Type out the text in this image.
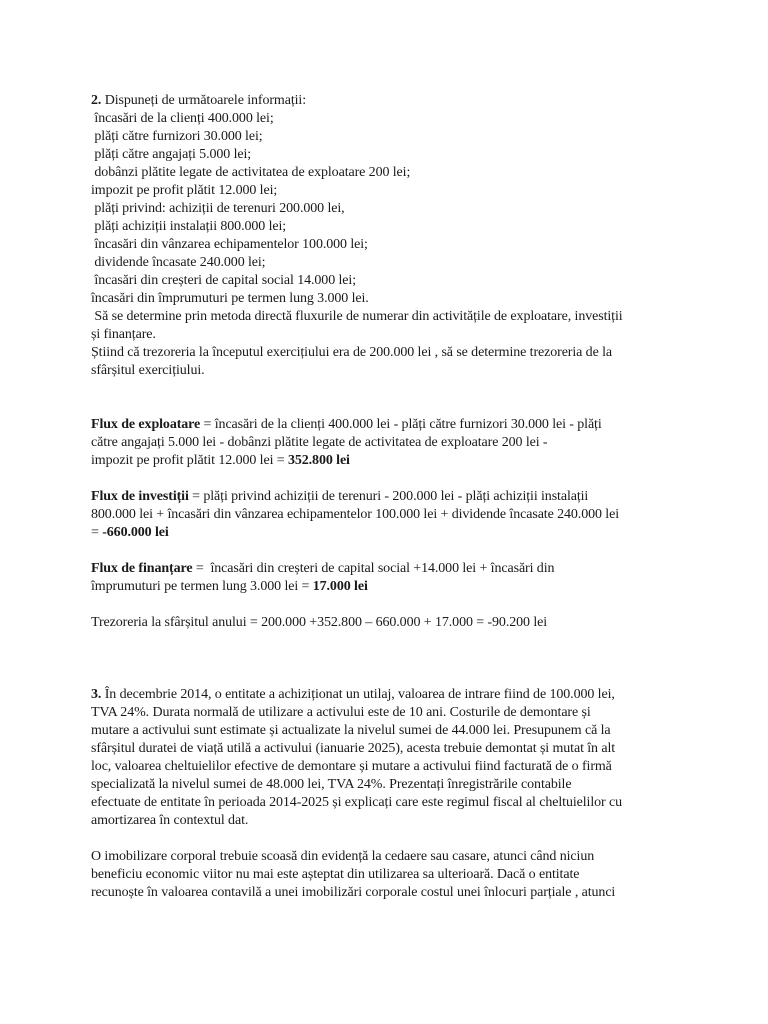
2. Dispuneți de următoarele informații:
încasări de la clienți 400.000 lei;
plăți către furnizori 30.000 lei;
plăți către angajați 5.000 lei;
dobânzi plătite legate de activitatea de exploatare 200 lei;
impozit pe profit plătit 12.000 lei;
plăți privind: achiziții de terenuri 200.000 lei,
plăți achiziții instalații 800.000 lei;
încasări din vânzarea echipamentelor 100.000 lei;
dividende încasate 240.000 lei;
încasări din creșteri de capital social 14.000 lei;
încasări din împrumuturi pe termen lung 3.000 lei.
Să se determine prin metoda directă fluxurile de numerar din activitățile de exploatare, investiții
și finanțare.
Știind că trezoreria la începutul exercițiului era de 200.000 lei , să se determine trezoreria de la
sfârșitul exercițiului.
Flux de exploatare = încasări de la clienți 400.000 lei - plăți către furnizori 30.000 lei - plăți
către angajați 5.000 lei - dobânzi plătite legate de activitatea de exploatare 200 lei -
impozit pe profit plătit 12.000 lei = 352.800 lei
Flux de investiții = plăți privind achiziții de terenuri - 200.000 lei - plăți achiziții instalații
800.000 lei + încasări din vânzarea echipamentelor 100.000 lei + dividende încasate 240.000 lei
= -660.000 lei
Flux de finanțare =  încasări din creșteri de capital social +14.000 lei + încasări din
împrumuturi pe termen lung 3.000 lei = 17.000 lei
Trezoreria la sfârșitul anului = 200.000 +352.800 – 660.000 + 17.000 = -90.200 lei
3. În decembrie 2014, o entitate a achiziționat un utilaj, valoarea de intrare fiind de 100.000 lei,
TVA 24%. Durata normală de utilizare a activului este de 10 ani. Costurile de demontare și
mutare a activului sunt estimate și actualizate la nivelul sumei de 44.000 lei. Presupunem că la
sfârșitul duratei de viață utilă a activului (ianuarie 2025), acesta trebuie demontat și mutat în alt
loc, valoarea cheltuielilor efective de demontare și mutare a activului fiind facturată de o firmă
specializată la nivelul sumei de 48.000 lei, TVA 24%. Prezentați înregistrările contabile
efectuate de entitate în perioada 2014-2025 și explicați care este regimul fiscal al cheltuielilor cu
amortizarea în contextul dat.
O imobilizare corporal trebuie scoasă din evidență la cedaere sau casare, atunci când niciun
beneficiu economic viitor nu mai este așteptat din utilizarea sa ulterioară. Dacă o entitate
recunoște în valoarea contavilă a unei imobilizări corporale costul unei înlocuri parțiale , atunci
